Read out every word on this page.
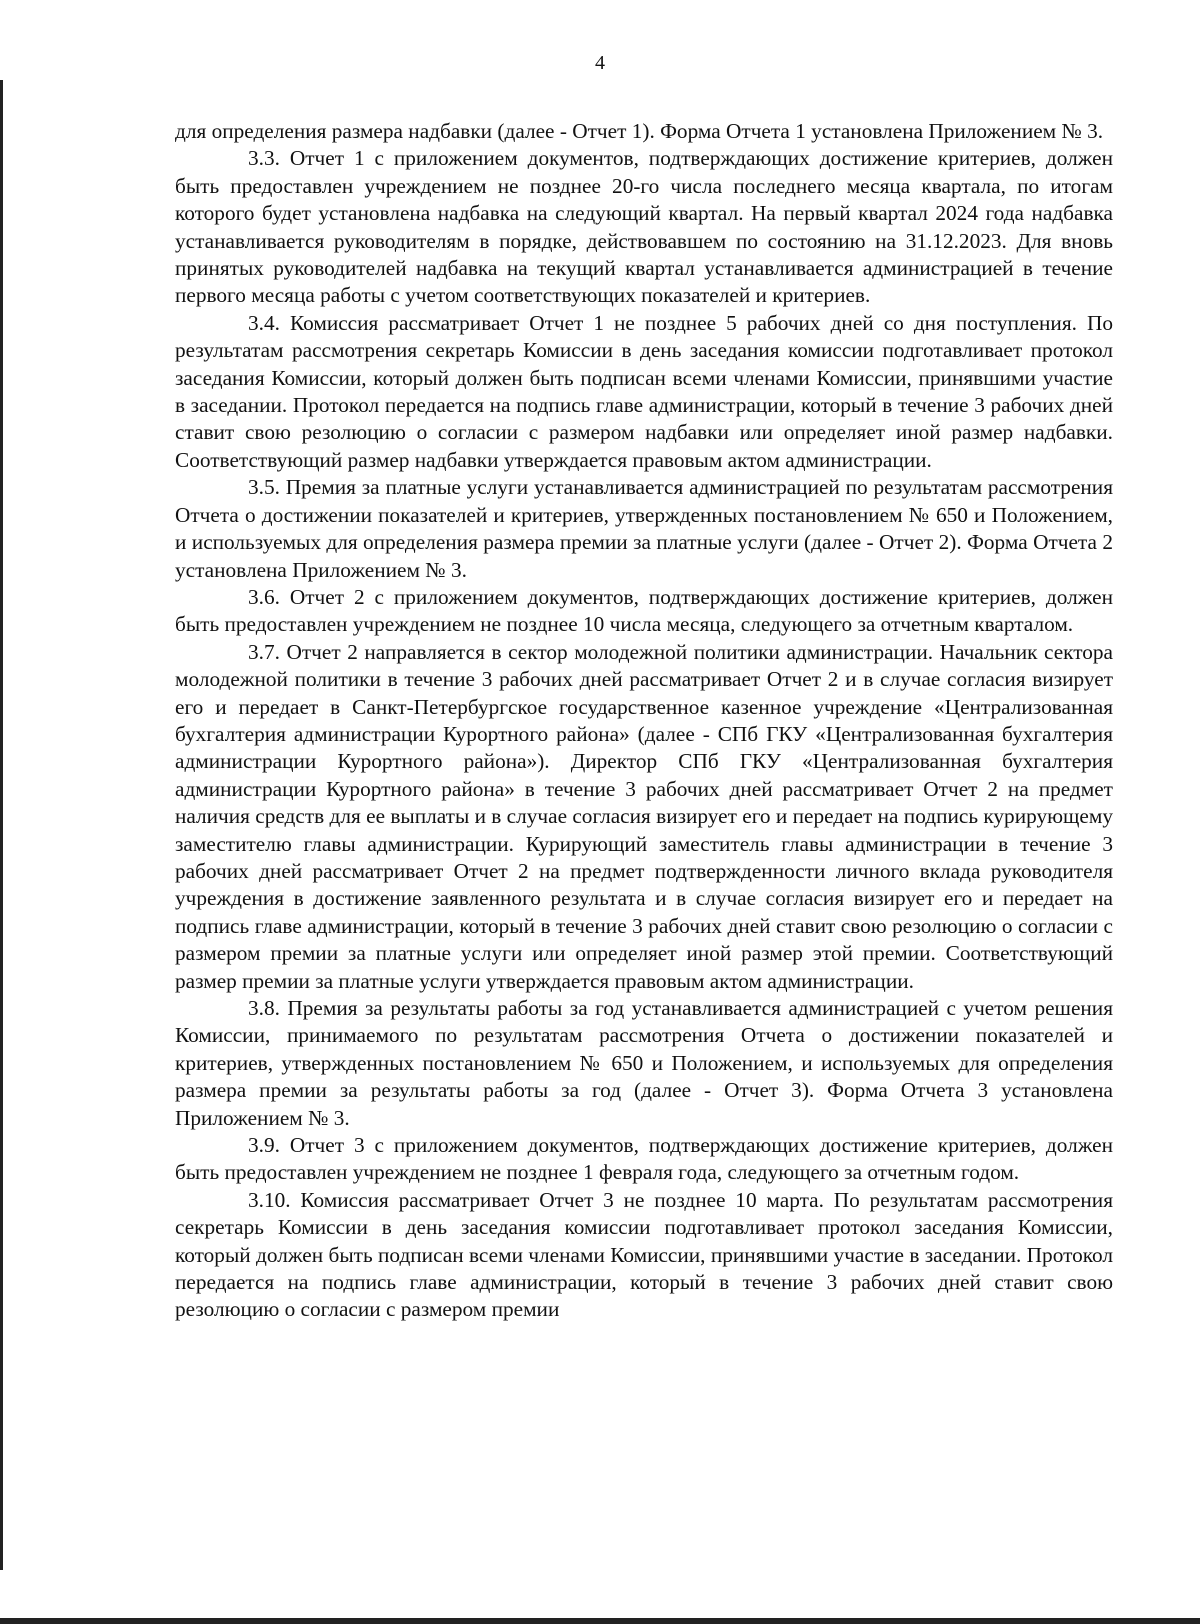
4

для определения размера надбавки (далее - Отчет 1). Форма Отчета 1 установлена Приложением № 3.

3.3. Отчет 1 с приложением документов, подтверждающих достижение критериев, должен быть предоставлен учреждением не позднее 20-го числа последнего месяца квартала, по итогам которого будет установлена надбавка на следующий квартал. На первый квартал 2024 года надбавка устанавливается руководителям в порядке, действовавшем по состоянию на 31.12.2023. Для вновь принятых руководителей надбавка на текущий квартал устанавливается администрацией в течение первого месяца работы с учетом соответствующих показателей и критериев.

3.4. Комиссия рассматривает Отчет 1 не позднее 5 рабочих дней со дня поступления. По результатам рассмотрения секретарь Комиссии в день заседания комиссии подготавливает протокол заседания Комиссии, который должен быть подписан всеми членами Комиссии, принявшими участие в заседании. Протокол передается на подпись главе администрации, который в течение 3 рабочих дней ставит свою резолюцию о согласии с размером надбавки или определяет иной размер надбавки. Соответствующий размер надбавки утверждается правовым актом администрации.

3.5. Премия за платные услуги устанавливается администрацией по результатам рассмотрения Отчета о достижении показателей и критериев, утвержденных постановлением № 650 и Положением, и используемых для определения размера премии за платные услуги (далее - Отчет 2). Форма Отчета 2 установлена Приложением № 3.

3.6. Отчет 2 с приложением документов, подтверждающих достижение критериев, должен быть предоставлен учреждением не позднее 10 числа месяца, следующего за отчетным кварталом.

3.7. Отчет 2 направляется в сектор молодежной политики администрации. Начальник сектора молодежной политики в течение 3 рабочих дней рассматривает Отчет 2 и в случае согласия визирует его и передает в Санкт-Петербургское государственное казенное учреждение «Централизованная бухгалтерия администрации Курортного района» (далее - СПб ГКУ «Централизованная бухгалтерия администрации Курортного района»). Директор СПб ГКУ «Централизованная бухгалтерия администрации Курортного района» в течение 3 рабочих дней рассматривает Отчет 2 на предмет наличия средств для ее выплаты и в случае согласия визирует его и передает на подпись курирующему заместителю главы администрации. Курирующий заместитель главы администрации в течение 3 рабочих дней рассматривает Отчет 2 на предмет подтвержденности личного вклада руководителя учреждения в достижение заявленного результата и в случае согласия визирует его и передает на подпись главе администрации, который в течение 3 рабочих дней ставит свою резолюцию о согласии с размером премии за платные услуги или определяет иной размер этой премии. Соответствующий размер премии за платные услуги утверждается правовым актом администрации.

3.8. Премия за результаты работы за год устанавливается администрацией с учетом решения Комиссии, принимаемого по результатам рассмотрения Отчета о достижении показателей и критериев, утвержденных постановлением № 650 и Положением, и используемых для определения размера премии за результаты работы за год (далее - Отчет 3). Форма Отчета 3 установлена Приложением № 3.

3.9. Отчет 3 с приложением документов, подтверждающих достижение критериев, должен быть предоставлен учреждением не позднее 1 февраля года, следующего за отчетным годом.

3.10. Комиссия рассматривает Отчет 3 не позднее 10 марта. По результатам рассмотрения секретарь Комиссии в день заседания комиссии подготавливает протокол заседания Комиссии, который должен быть подписан всеми членами Комиссии, принявшими участие в заседании. Протокол передается на подпись главе администрации, который в течение 3 рабочих дней ставит свою резолюцию о согласии с размером премии
